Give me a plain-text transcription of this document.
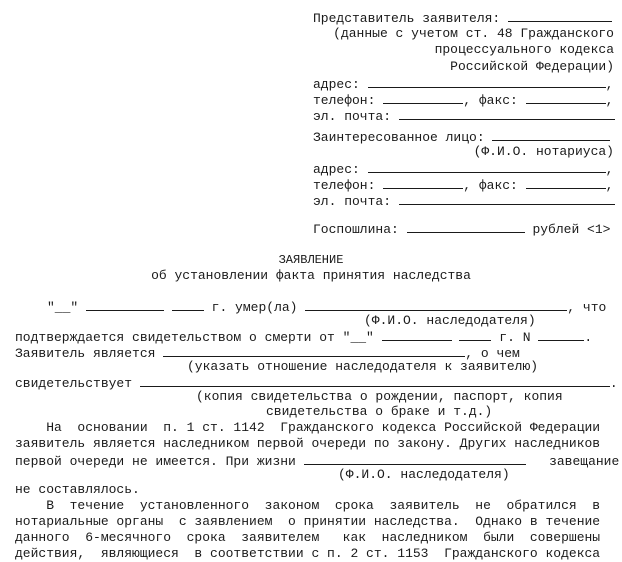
Представитель заявителя:
(данные с учетом ст. 48 Гражданского
процессуального кодекса
Российской Федерации)
адрес:	,
телефон:	, факс:	,
эл. почта:
Заинтересованное лицо:
(Ф.И.О. нотариуса)
адрес:	,
телефон:	, факс:	,
эл. почта:
Госпошлина:	рублей <1>
ЗАЯВЛЕНИЕ
об установлении факта принятия наследства
"__"	г. умер(ла)	, что
(Ф.И.О. наследодателя)
подтверждается свидетельством о смерти от "__"	г. N	.
Заявитель является	, о чем
(указать отношение наследодателя к заявителю)
свидетельствует	.
(копия свидетельства о рождении, паспорт, копия
свидетельства о браке и т.д.)
На  основании  п. 1 ст. 1142  Гражданского кодекса Российской Федерации
заявитель является наследником первой очереди по закону. Других наследников
первой очереди не имеется. При жизни	завещание
(Ф.И.О. наследодателя)
не составлялось.
В  течение  установленного  законом  срока  заявитель  не  обратился  в
нотариальные органы  с заявлением  о принятии наследства.  Однако в течение
данного  6-месячного  срока  заявителем   как  наследником  были  совершены
действия,  являющиеся  в соответствии с п. 2 ст. 1153  Гражданского кодекса
